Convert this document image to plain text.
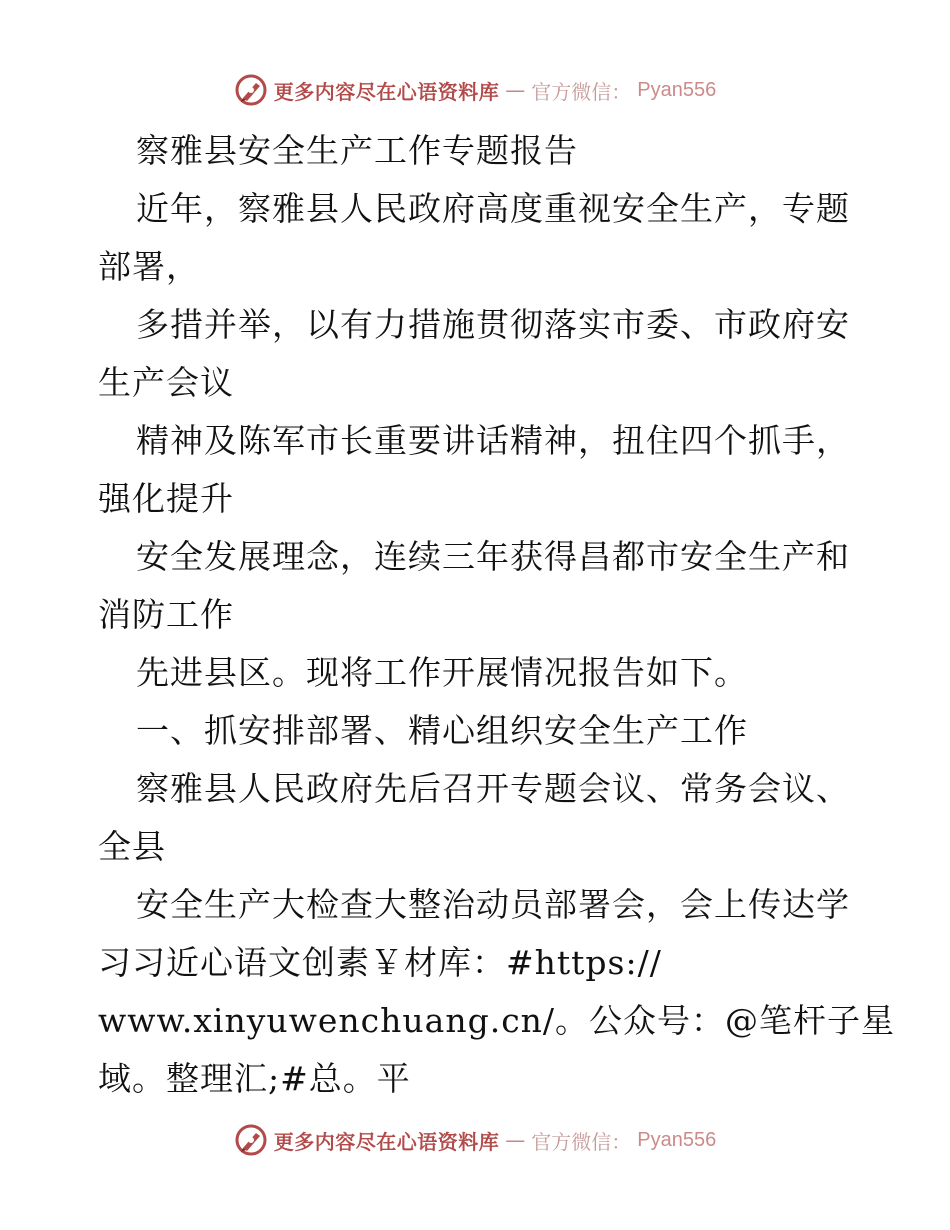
更多内容尽在心语资料库 — 官方微信： Pyan556
察雅县安全生产工作专题报告
近年，察雅县人民政府高度重视安全生产，专题
部署，
多措并举，以有力措施贯彻落实市委、市政府安
生产会议
精神及陈军市长重要讲话精神，扭住四个抓手，
强化提升
安全发展理念，连续三年获得昌都市安全生产和
消防工作
先进县区。现将工作开展情况报告如下。
一、抓安排部署、精心组织安全生产工作
察雅县人民政府先后召开专题会议、常务会议、
全县
安全生产大检查大整治动员部署会，会上传达学
习习近心语文创素￥材库：#https://
www.xinyuwenchuang.cn/。公众号：@笔杆子星
域。整理汇;#总。平
更多内容尽在心语资料库 — 官方微信： Pyan556
